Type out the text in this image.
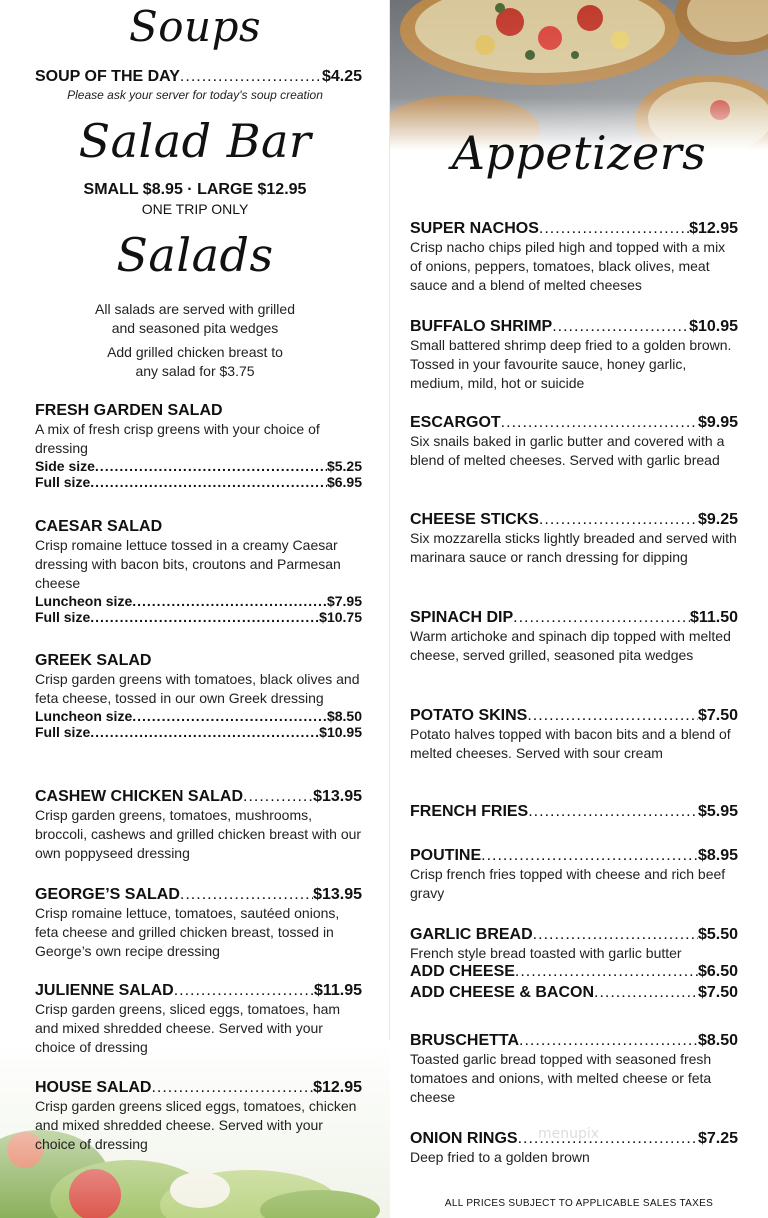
Soups
SOUP OF THE DAY .....	$4.25
Please ask your server for today's soup creation
Salad Bar
SMALL $8.95 · LARGE $12.95
ONE TRIP ONLY
Salads
All salads are served with grilled
and seasoned pita wedges
Add grilled chicken breast to
any salad for $3.75
FRESH GARDEN SALAD
A mix of fresh crisp greens with your choice of dressing
Side size .....	$5.25
Full size .....	$6.95
CAESAR SALAD
Crisp romaine lettuce tossed in a creamy Caesar dressing with bacon bits, croutons and Parmesan cheese
Luncheon size .....	$7.95
Full size .....	$10.75
GREEK SALAD
Crisp garden greens with tomatoes, black olives and feta cheese, tossed in our own Greek dressing
Luncheon size .....	$8.50
Full size .....	$10.95
CASHEW CHICKEN SALAD .....	$13.95
Crisp garden greens, tomatoes, mushrooms, broccoli, cashews and grilled chicken breast with our own poppyseed dressing
GEORGE’S SALAD .....	$13.95
Crisp romaine lettuce, tomatoes, sautéed onions, feta cheese and grilled chicken breast, tossed in George’s own recipe dressing
JULIENNE SALAD .....	$11.95
Crisp garden greens, sliced eggs, tomatoes, ham and mixed shredded cheese. Served with your choice of dressing
HOUSE SALAD .....	$12.95
Crisp garden greens sliced eggs, tomatoes, chicken and mixed shredded cheese. Served with your choice of dressing
Appetizers
SUPER NACHOS .....	$12.95
Crisp nacho chips piled high and topped with a mix of onions, peppers, tomatoes, black olives, meat sauce and a blend of melted cheeses
BUFFALO SHRIMP .....	$10.95
Small battered shrimp deep fried to a golden brown. Tossed in your favourite sauce, honey garlic, medium, mild, hot or suicide
ESCARGOT .....	$9.95
Six snails baked in garlic butter and covered with a blend of melted cheeses. Served with garlic bread
CHEESE STICKS .....	$9.25
Six mozzarella sticks lightly breaded and served with marinara sauce or ranch dressing for dipping
SPINACH DIP .....	$11.50
Warm artichoke and spinach dip topped with melted cheese, served grilled, seasoned pita wedges
POTATO SKINS .....	$7.50
Potato halves topped with bacon bits and a blend of melted cheeses. Served with sour cream
FRENCH FRIES .....	$5.95
POUTINE .....	$8.95
Crisp french fries topped with cheese and rich beef gravy
GARLIC BREAD .....	$5.50
French style bread toasted with garlic butter
ADD CHEESE .....	$6.50
ADD CHEESE & BACON .....	$7.50
BRUSCHETTA .....	$8.50
Toasted garlic bread topped with seasoned fresh tomatoes and onions, with melted cheese or feta cheese
ONION RINGS .....	$7.25
Deep fried to a golden brown
menupix
ALL PRICES SUBJECT TO APPLICABLE SALES TAXES
